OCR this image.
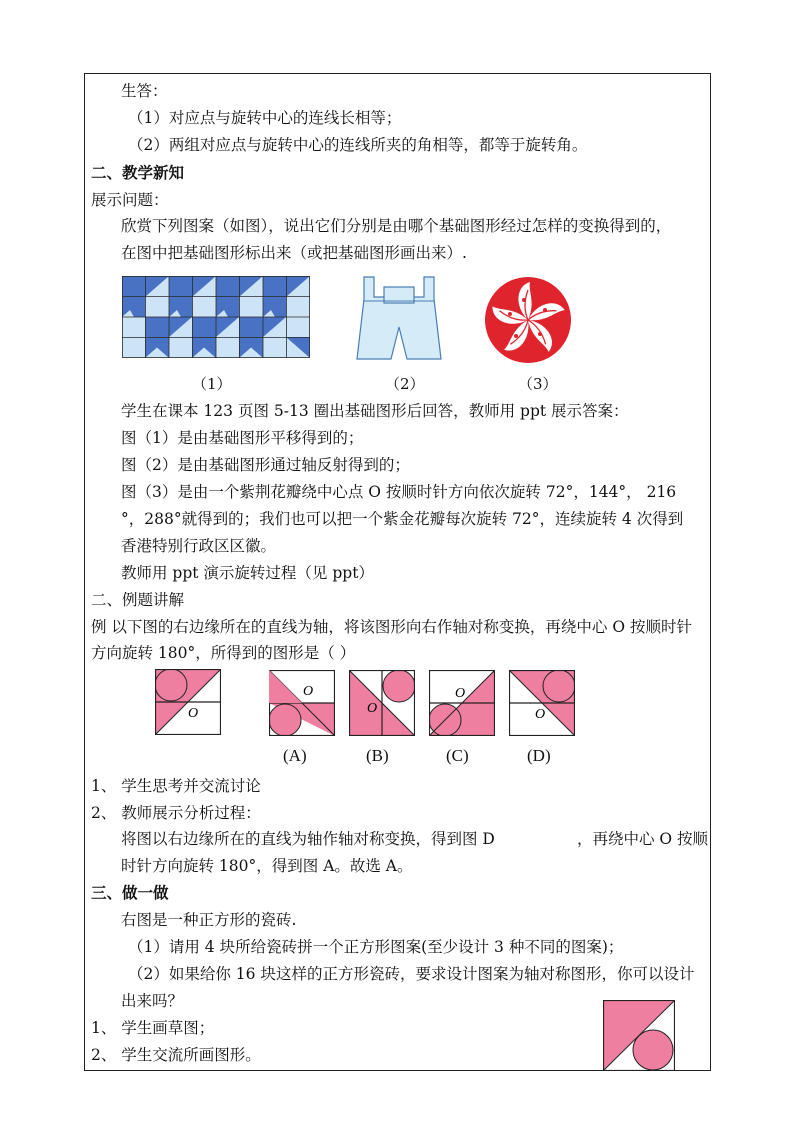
生答：
（1）对应点与旋转中心的连线长相等；
（2）两组对应点与旋转中心的连线所夹的角相等，都等于旋转角。
二、教学新知
展示问题：
欣赏下列图案（如图），说出它们分别是由哪个基础图形经过怎样的变换得到的，
在图中把基础图形标出来（或把基础图形画出来）.
（1）	（2）	（3）
学生在课本 123 页图 5-13 圈出基础图形后回答，教师用 ppt 展示答案：
图（1）是由基础图形平移得到的；
图（2）是由基础图形通过轴反射得到的；
图（3）是由一个紫荆花瓣绕中心点 O 按顺时针方向依次旋转 72°，144°， 216
°，288°就得到的；我们也可以把一个紫金花瓣每次旋转 72°，连续旋转 4 次得到
香港特别行政区区徽。
教师用 ppt 演示旋转过程（见 ppt）
二、例题讲解
例 以下图的右边缘所在的直线为轴，将该图形向右作轴对称变换，再绕中心 O 按顺时针
方向旋转 180°，所得到的图形是（ ）
O
O
O
O
O
(A)	(B)	(C)	(D)
1、 学生思考并交流讨论
2、 教师展示分析过程：
将图以右边缘所在的直线为轴作轴对称变换，得到图 D	，再绕中心 O 按顺
时针方向旋转 180°，得到图 A。故选 A。
三、做一做
右图是一种正方形的瓷砖.
（1）请用 4 块所给瓷砖拼一个正方形图案(至少设计 3 种不同的图案)；
（2）如果给你 16 块这样的正方形瓷砖，要求设计图案为轴对称图形，你可以设计
出来吗？
1、 学生画草图；
2、 学生交流所画图形。
